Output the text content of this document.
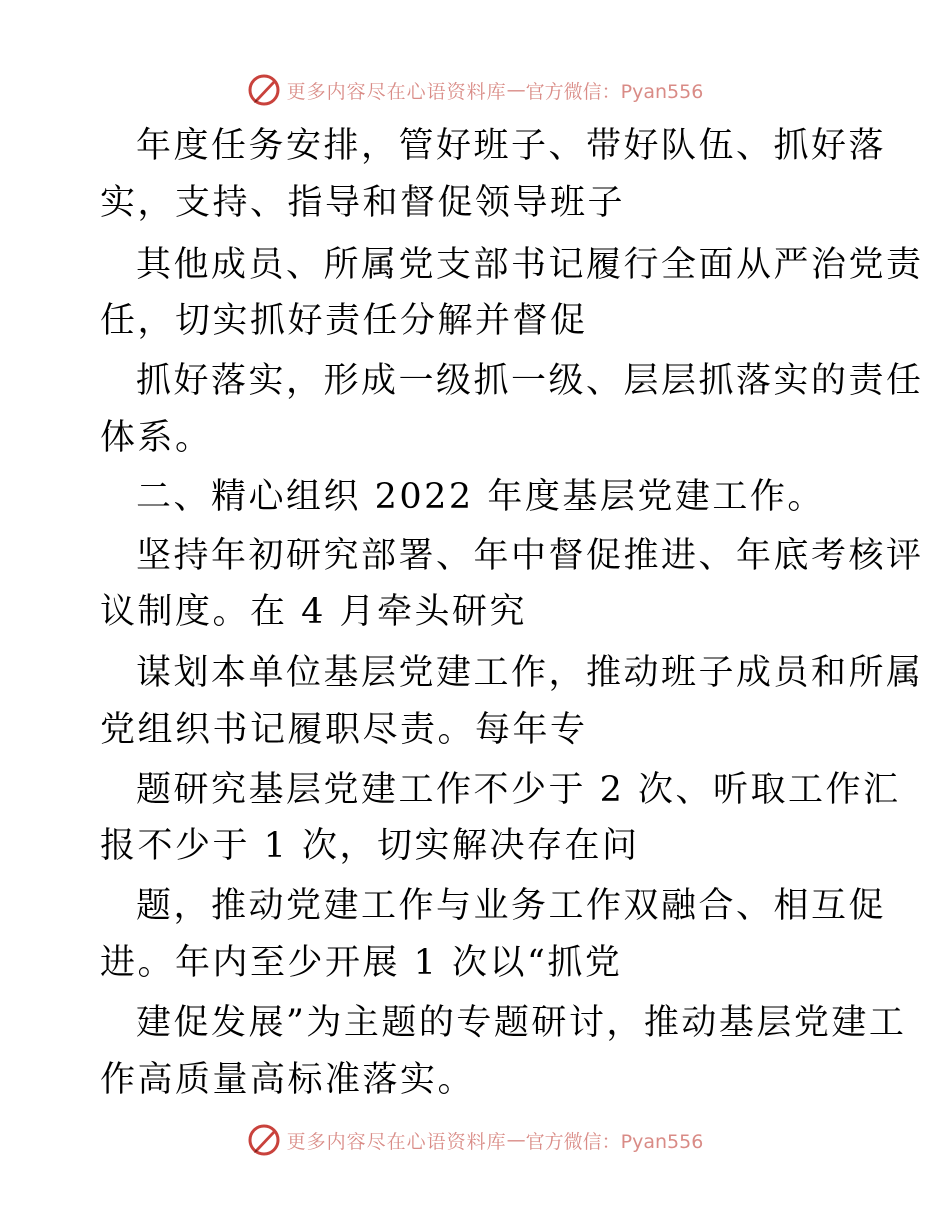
更多内容尽在心语资料库 — 官方微信：Pyan556
年度任务安排，管好班子、带好队伍、抓好落
实，支持、指导和督促领导班子
其他成员、所属党支部书记履行全面从严治党责
任，切实抓好责任分解并督促
抓好落实，形成一级抓一级、层层抓落实的责任
体系。
二、精心组织 2022 年度基层党建工作。
坚持年初研究部署、年中督促推进、年底考核评
议制度。在 4 月牵头研究
谋划本单位基层党建工作，推动班子成员和所属
党组织书记履职尽责。每年专
题研究基层党建工作不少于 2 次、听取工作汇
报不少于 1 次，切实解决存在问
题，推动党建工作与业务工作双融合、相互促
进。年内至少开展 1 次以“抓党
建促发展”为主题的专题研讨，推动基层党建工
作高质量高标准落实。
更多内容尽在心语资料库 — 官方微信：Pyan556
